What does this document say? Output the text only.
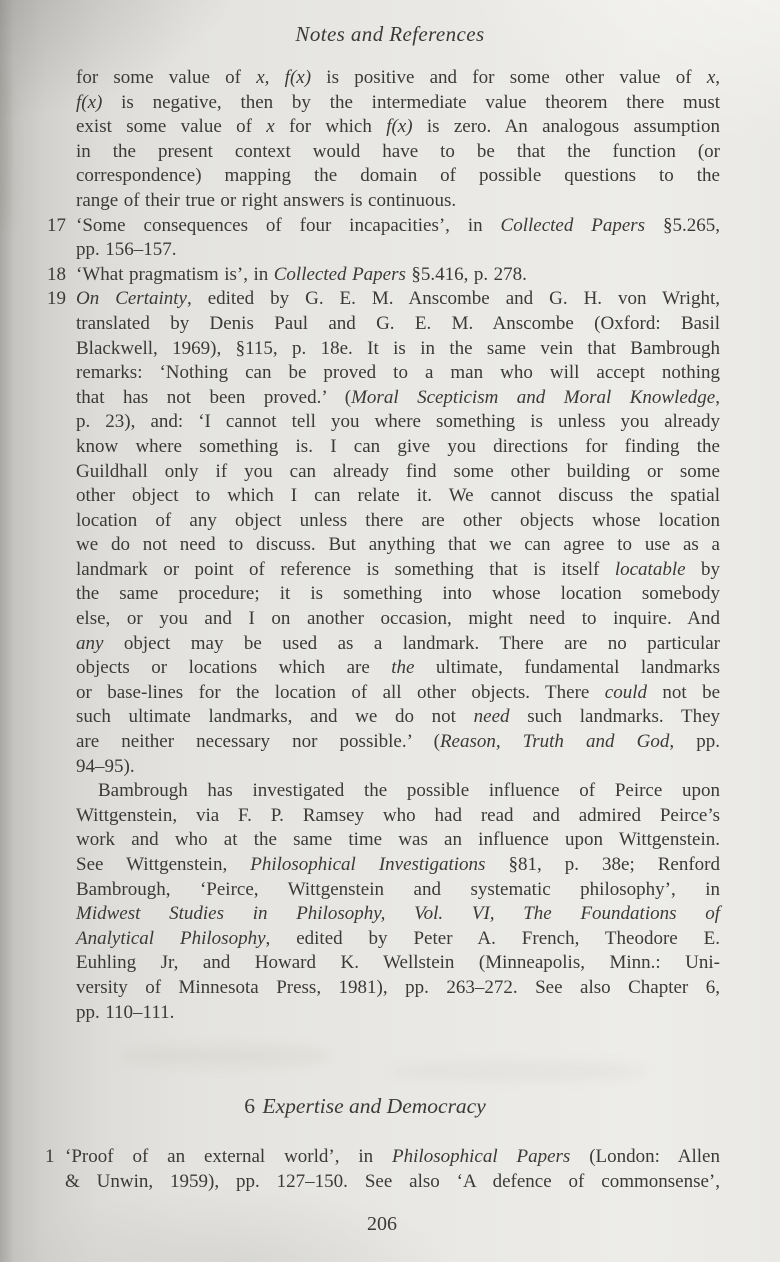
Notes and References
for some value of x, f(x) is positive and for some other value of x,
f(x) is negative, then by the intermediate value theorem there must
exist some value of x for which f(x) is zero. An analogous assumption
in the present context would have to be that the function (or
correspondence) mapping the domain of possible questions to the
range of their true or right answers is continuous.
17 ‘Some consequences of four incapacities’, in Collected Papers §5.265,
pp. 156–157.
18 ‘What pragmatism is’, in Collected Papers §5.416, p. 278.
19 On Certainty, edited by G. E. M. Anscombe and G. H. von Wright,
translated by Denis Paul and G. E. M. Anscombe (Oxford: Basil
Blackwell, 1969), §115, p. 18e. It is in the same vein that Bambrough
remarks: ‘Nothing can be proved to a man who will accept nothing
that has not been proved.’ (Moral Scepticism and Moral Knowledge,
p. 23), and: ‘I cannot tell you where something is unless you already
know where something is. I can give you directions for finding the
Guildhall only if you can already find some other building or some
other object to which I can relate it. We cannot discuss the spatial
location of any object unless there are other objects whose location
we do not need to discuss. But anything that we can agree to use as a
landmark or point of reference is something that is itself locatable by
the same procedure; it is something into whose location somebody
else, or you and I on another occasion, might need to inquire. And
any object may be used as a landmark. There are no particular
objects or locations which are the ultimate, fundamental landmarks
or base-lines for the location of all other objects. There could not be
such ultimate landmarks, and we do not need such landmarks. They
are neither necessary nor possible.’ (Reason, Truth and God, pp.
94–95).
Bambrough has investigated the possible influence of Peirce upon
Wittgenstein, via F. P. Ramsey who had read and admired Peirce’s
work and who at the same time was an influence upon Wittgenstein.
See Wittgenstein, Philosophical Investigations §81, p. 38e; Renford
Bambrough, ‘Peirce, Wittgenstein and systematic philosophy’, in
Midwest Studies in Philosophy, Vol. VI, The Foundations of
Analytical Philosophy, edited by Peter A. French, Theodore E.
Euhling Jr, and Howard K. Wellstein (Minneapolis, Minn.: Uni-
versity of Minnesota Press, 1981), pp. 263–272. See also Chapter 6,
pp. 110–111.
6 Expertise and Democracy
1 ‘Proof of an external world’, in Philosophical Papers (London: Allen
& Unwin, 1959), pp. 127–150. See also ‘A defence of commonsense’,
206
